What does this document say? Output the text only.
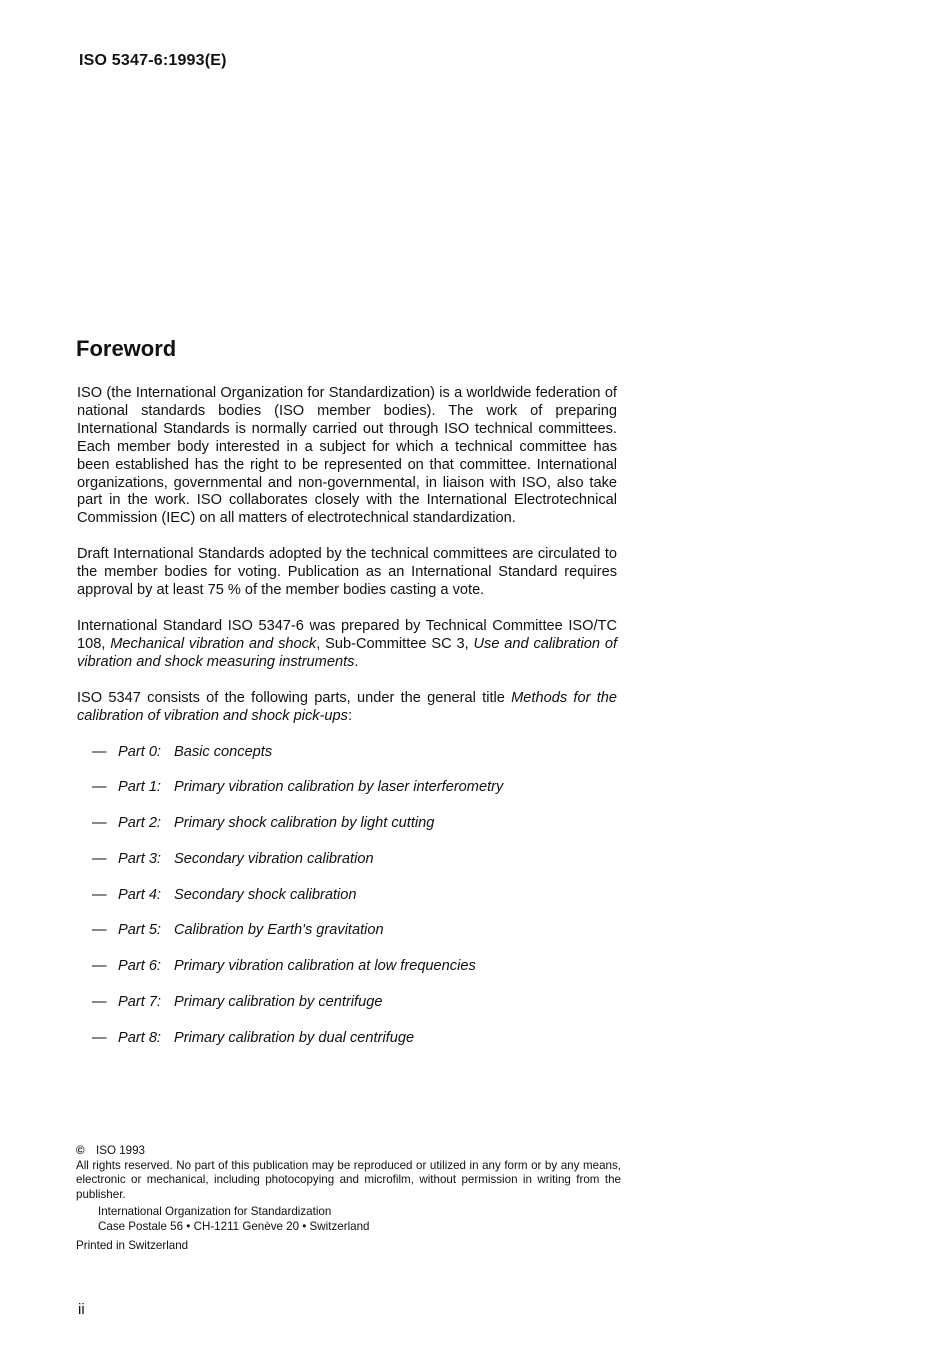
ISO 5347-6:1993(E)
Foreword

ISO (the International Organization for Standardization) is a worldwide federation of national standards bodies (ISO member bodies). The work of preparing International Standards is normally carried out through ISO technical committees. Each member body interested in a subject for which a technical committee has been established has the right to be represented on that committee. International organizations, governmental and non-governmental, in liaison with ISO, also take part in the work. ISO collaborates closely with the International Electrotechnical Commission (IEC) on all matters of electrotechnical standardization.

Draft International Standards adopted by the technical committees are circulated to the member bodies for voting. Publication as an International Standard requires approval by at least 75 % of the member bodies casting a vote.

International Standard ISO 5347-6 was prepared by Technical Committee ISO/TC 108, Mechanical vibration and shock, Sub-Committee SC 3, Use and calibration of vibration and shock measuring instruments.

ISO 5347 consists of the following parts, under the general title Methods for the calibration of vibration and shock pick-ups:

— Part 0: Basic concepts
— Part 1: Primary vibration calibration by laser interferometry
— Part 2: Primary shock calibration by light cutting
— Part 3: Secondary vibration calibration
— Part 4: Secondary shock calibration
— Part 5: Calibration by Earth's gravitation
— Part 6: Primary vibration calibration at low frequencies
— Part 7: Primary calibration by centrifuge
— Part 8: Primary calibration by dual centrifuge

© ISO 1993

All rights reserved. No part of this publication may be reproduced or utilized in any form or by any means, electronic or mechanical, including photocopying and microfilm, without permission in writing from the publisher.

International Organization for Standardization
Case Postale 56 • CH-1211 Genève 20 • Switzerland

Printed in Switzerland

ii
